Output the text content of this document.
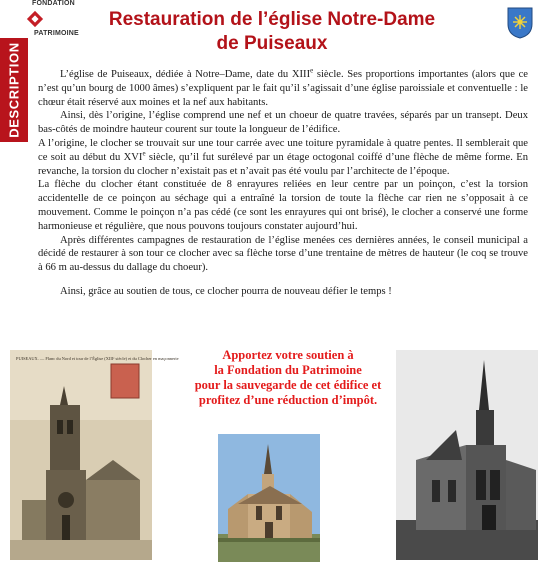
FONDATION
PATRIMOINE
Restauration de l’église Notre-Dame
de Puiseaux
DESCRIPTION	L’église de Puiseaux, dédiée à Notre–Dame, date du XIIIe siècle. Ses proportions importantes (alors que ce n’est qu’un bourg de 1000 âmes) s’expliquent par le fait qu’il s’agissait d’une église paroissiale et conventuelle : le chœur était réservé aux moines et la nef aux habitants.

Ainsi, dès l’origine, l’église comprend une nef et un choeur de quatre travées, séparés par un transept. Deux bas-côtés de moindre hauteur courent sur toute la longueur de l’édifice.

A l’origine, le clocher se trouvait sur une tour carrée avec une toiture pyramidale à quatre pentes. Il semblerait que ce soit au début du XVIe siècle, qu’il fut surélevé par un étage octogonal coiffé d’une flèche de même forme. En revanche, la torsion du clocher n’existait pas et n’avait pas été voulu par l’architecte de l’époque.

La flèche du clocher étant constituée de 8 enrayures reliées en leur centre par un poinçon, c’est la torsion accidentelle de ce poinçon au séchage qui a entraîné la torsion de toute la flèche car rien ne s’opposait à ce mouvement. Comme le poinçon n’a pas cédé (ce sont les enrayures qui ont brisé), le clocher a conservé une forme harmonieuse et régulière, que nous pouvons toujours constater aujourd’hui.

Après différentes campagnes de restauration de l’église menées ces dernières années, le conseil municipal a décidé de restaurer à son tour ce clocher avec sa flèche torse d’une trentaine de mètres de hauteur (le coq se trouve à 66 m au-dessus du dallage du choeur).

Ainsi, grâce au soutien de tous, ce clocher pourra de nouveau défier le temps !

PUISEAUX. — Flanc du Nord et tour de l’Église (XIIIᵉ siècle) et du Clocher en maçonnerie	Apportez votre soutien à
la Fondation du Patrimoine
pour la sauvegarde de cet édifice et
profitez d’une réduction d’impôt.
